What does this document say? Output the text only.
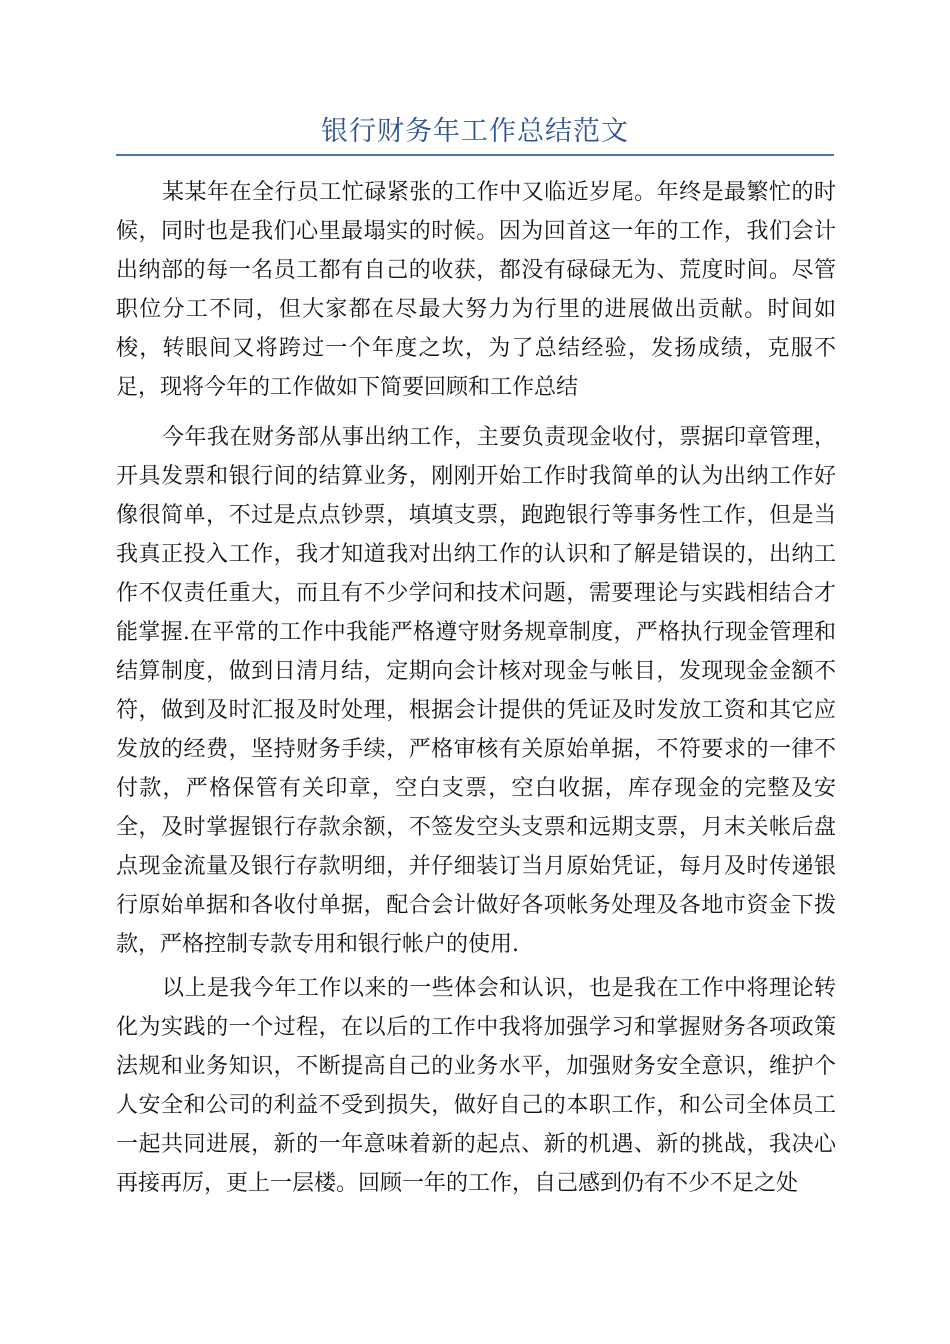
银行财务年工作总结范文

某某年在全行员工忙碌紧张的工作中又临近岁尾。年终是最繁忙的时候，同时也是我们心里最塌实的时候。因为回首这一年的工作，我们会计出纳部的每一名员工都有自己的收获，都没有碌碌无为、荒度时间。尽管职位分工不同，但大家都在尽最大努力为行里的进展做出贡献。时间如梭，转眼间又将跨过一个年度之坎，为了总结经验，发扬成绩，克服不足，现将今年的工作做如下简要回顾和工作总结

今年我在财务部从事出纳工作，主要负责现金收付，票据印章管理，开具发票和银行间的结算业务，刚刚开始工作时我简单的认为出纳工作好像很简单，不过是点点钞票，填填支票，跑跑银行等事务性工作，但是当我真正投入工作，我才知道我对出纳工作的认识和了解是错误的，出纳工作不仅责任重大，而且有不少学问和技术问题，需要理论与实践相结合才能掌握.在平常的工作中我能严格遵守财务规章制度，严格执行现金管理和结算制度，做到日清月结，定期向会计核对现金与帐目，发现现金金额不符，做到及时汇报及时处理，根据会计提供的凭证及时发放工资和其它应发放的经费，坚持财务手续，严格审核有关原始单据，不符要求的一律不付款，严格保管有关印章，空白支票，空白收据，库存现金的完整及安全，及时掌握银行存款余额，不签发空头支票和远期支票，月末关帐后盘点现金流量及银行存款明细，并仔细装订当月原始凭证，每月及时传递银行原始单据和各收付单据，配合会计做好各项帐务处理及各地市资金下拨款，严格控制专款专用和银行帐户的使用.

以上是我今年工作以来的一些体会和认识，也是我在工作中将理论转化为实践的一个过程，在以后的工作中我将加强学习和掌握财务各项政策法规和业务知识，不断提高自己的业务水平，加强财务安全意识，维护个人安全和公司的利益不受到损失，做好自己的本职工作，和公司全体员工一起共同进展，新的一年意味着新的起点、新的机遇、新的挑战，我决心再接再厉，更上一层楼。回顾一年的工作，自己感到仍有不少不足之处
